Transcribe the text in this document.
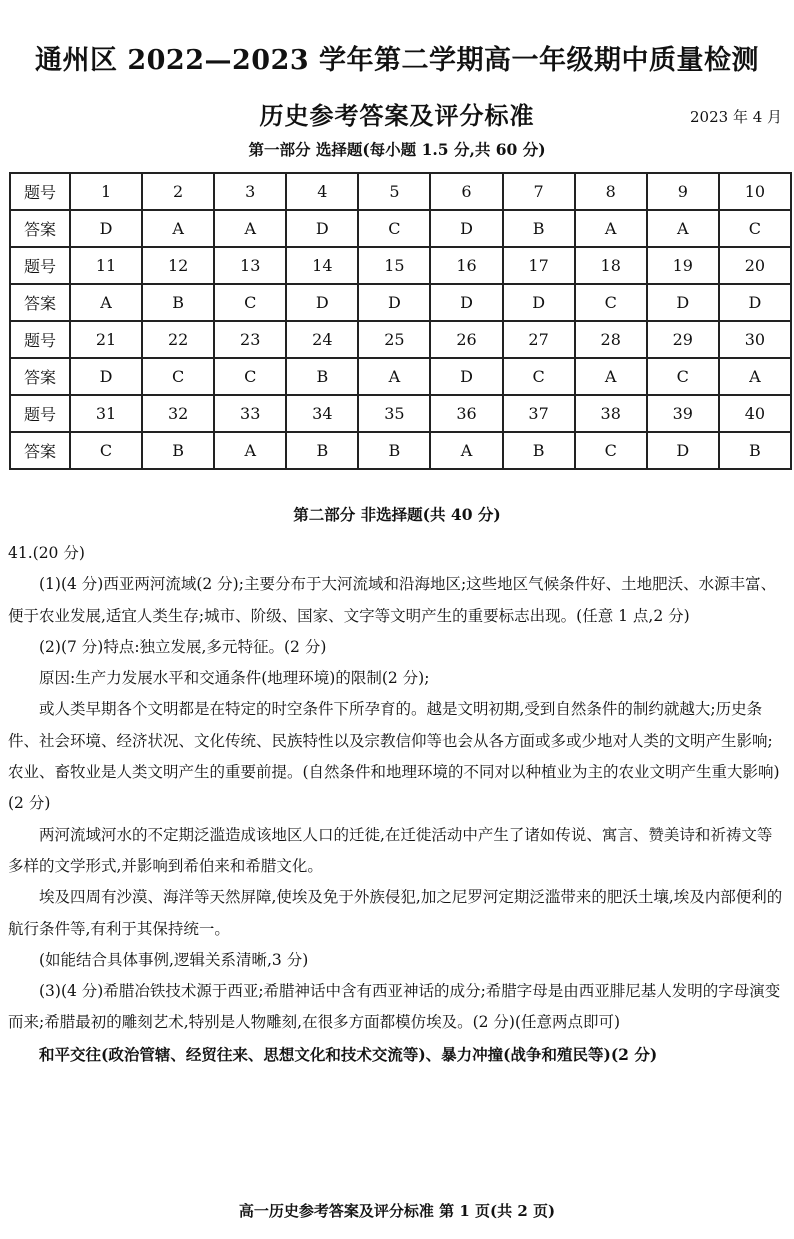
通州区 2022—2023 学年第二学期高一年级期中质量检测
历史参考答案及评分标准	2023 年 4 月
第一部分 选择题(每小题 1.5 分,共 60 分)
题号	1	2	3	4	5	6	7	8	9	10
答案	D	A	A	D	C	D	B	A	A	C
题号	11	12	13	14	15	16	17	18	19	20
答案	A	B	C	D	D	D	D	C	D	D
题号	21	22	23	24	25	26	27	28	29	30
答案	D	C	C	B	A	D	C	A	C	A
题号	31	32	33	34	35	36	37	38	39	40
答案	C	B	A	B	B	A	B	C	D	B
第二部分 非选择题(共 40 分)

41.(20 分)

(1)(4 分)西亚两河流域(2 分);主要分布于大河流域和沿海地区;这些地区气候条件好、土地肥沃、水源丰富、便于农业发展,适宜人类生存;城市、阶级、国家、文字等文明产生的重要标志出现。(任意 1 点,2 分)

(2)(7 分)特点:独立发展,多元特征。(2 分)

原因:生产力发展水平和交通条件(地理环境)的限制(2 分);

或人类早期各个文明都是在特定的时空条件下所孕育的。越是文明初期,受到自然条件的制约就越大;历史条件、社会环境、经济状况、文化传统、民族特性以及宗教信仰等也会从各方面或多或少地对人类的文明产生影响;农业、畜牧业是人类文明产生的重要前提。(自然条件和地理环境的不同对以种植业为主的农业文明产生重大影响)(2 分)

两河流域河水的不定期泛滥造成该地区人口的迁徙,在迁徙活动中产生了诸如传说、寓言、赞美诗和祈祷文等多样的文学形式,并影响到希伯来和希腊文化。

埃及四周有沙漠、海洋等天然屏障,使埃及免于外族侵犯,加之尼罗河定期泛滥带来的肥沃土壤,埃及内部便利的航行条件等,有利于其保持统一。

(如能结合具体事例,逻辑关系清晰,3 分)

(3)(4 分)希腊冶铁技术源于西亚;希腊神话中含有西亚神话的成分;希腊字母是由西亚腓尼基人发明的字母演变而来;希腊最初的雕刻艺术,特别是人物雕刻,在很多方面都模仿埃及。(2 分)(任意两点即可)

和平交往(政治管辖、经贸往来、思想文化和技术交流等)、暴力冲撞(战争和殖民等)(2 分)

高一历史参考答案及评分标准 第 1 页(共 2 页)
